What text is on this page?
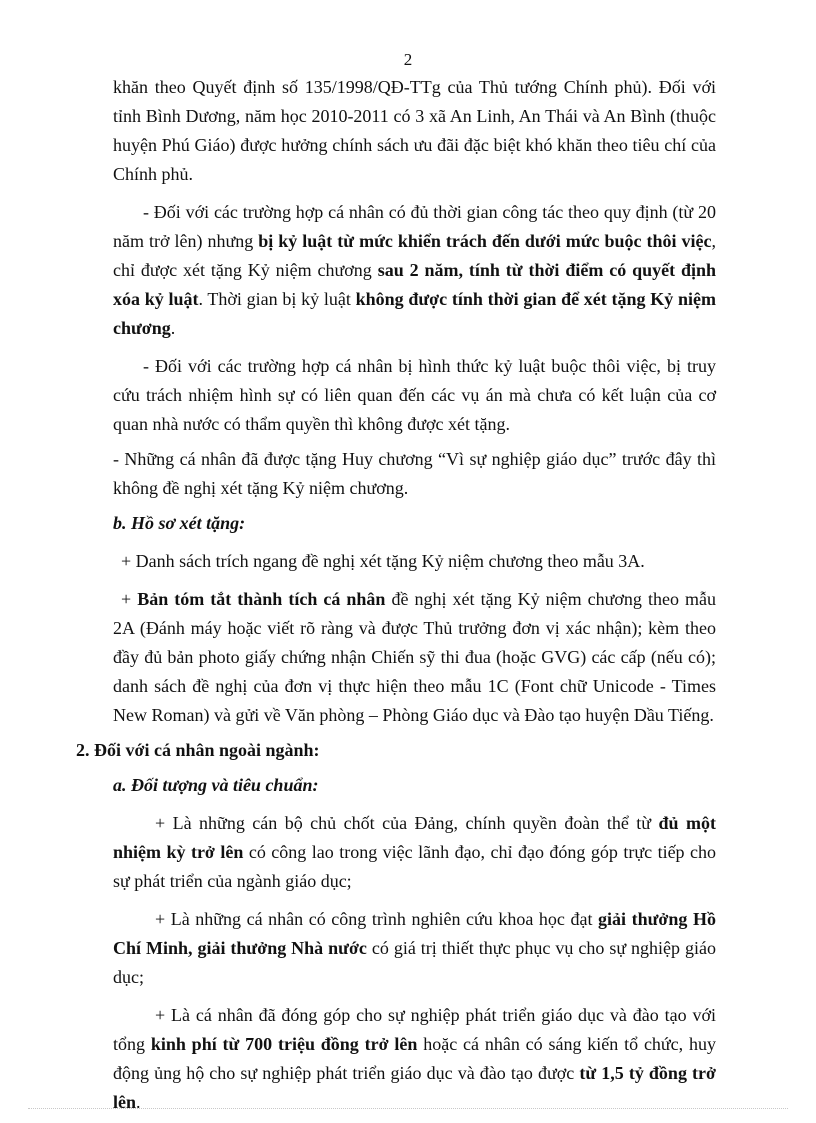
2

khăn theo Quyết định số 135/1998/QĐ-TTg của Thủ tướng Chính phủ). Đối với tỉnh Bình Dương, năm học 2010-2011 có 3 xã An Linh, An Thái và An Bình (thuộc huyện Phú Giáo) được hưởng chính sách ưu đãi đặc biệt khó khăn theo tiêu chí của Chính phủ.

- Đối với các trường hợp cá nhân có đủ thời gian công tác theo quy định (từ 20 năm trở lên) nhưng bị kỷ luật từ mức khiển trách đến dưới mức buộc thôi việc, chỉ được xét tặng Kỷ niệm chương sau 2 năm, tính từ thời điểm có quyết định xóa kỷ luật. Thời gian bị kỷ luật không được tính thời gian để xét tặng Kỷ niệm chương.

- Đối với các trường hợp cá nhân bị hình thức kỷ luật buộc thôi việc, bị truy cứu trách nhiệm hình sự có liên quan đến các vụ án mà chưa có kết luận của cơ quan nhà nước có thẩm quyền thì không được xét tặng.

- Những cá nhân đã được tặng Huy chương “Vì sự nghiệp giáo dục” trước đây thì không đề nghị xét tặng Kỷ niệm chương.

b. Hồ sơ xét tặng:

+ Danh sách trích ngang đề nghị xét tặng Kỷ niệm chương theo mẫu 3A.

+ Bản tóm tắt thành tích cá nhân đề nghị xét tặng Kỷ niệm chương theo mẫu 2A (Đánh máy hoặc viết rõ ràng và được Thủ trưởng đơn vị xác nhận); kèm theo đầy đủ bản photo giấy chứng nhận Chiến sỹ thi đua (hoặc GVG) các cấp (nếu có); danh sách đề nghị của đơn vị thực hiện theo mẫu 1C (Font chữ Unicode - Times New Roman) và gửi về Văn phòng – Phòng Giáo dục và Đào tạo huyện Dầu Tiếng.

2. Đối với cá nhân ngoài ngành:

a. Đối tượng và tiêu chuẩn:

+ Là những cán bộ chủ chốt của Đảng, chính quyền đoàn thể từ đủ một nhiệm kỳ trở lên có công lao trong việc lãnh đạo, chỉ đạo đóng góp trực tiếp cho sự phát triển của ngành giáo dục;

+ Là những cá nhân có công trình nghiên cứu khoa học đạt giải thưởng Hồ Chí Minh, giải thưởng Nhà nước có giá trị thiết thực phục vụ cho sự nghiệp giáo dục;

+ Là cá nhân đã đóng góp cho sự nghiệp phát triển giáo dục và đào tạo với tổng kinh phí từ 700 triệu đồng trở lên hoặc cá nhân có sáng kiến tổ chức, huy động ủng hộ cho sự nghiệp phát triển giáo dục và đào tạo được từ 1,5 tỷ đồng trở lên.
